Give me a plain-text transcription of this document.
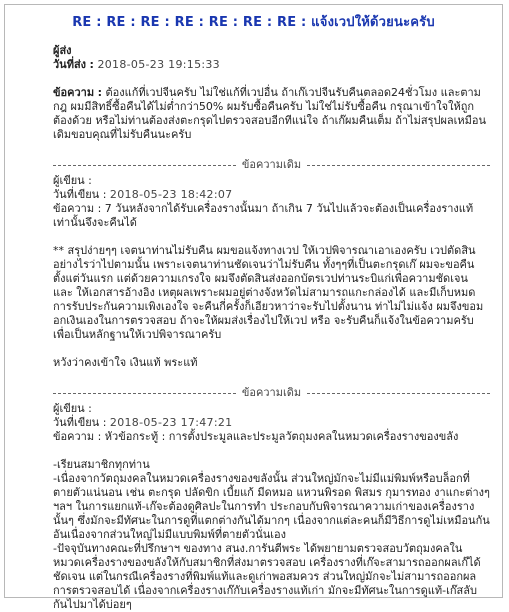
RE : RE : RE : RE : RE : RE : RE : แจ้งเวปให้ด้วยนะครับ
ผู้ส่ง
วันที่ส่ง : 2018-05-23 19:15:33

ข้อความ : ต้องแก้ที่เวปจีนครับ ไม่ใช่แก้ที่เวปอื่น ถ้าเก๊เวปจีนรับคืนตลอด24ชั่วโมง และตามกฎ ผมมีสิทธิ์ซื้อคืนได้ไม่ต่ำกว่า50% ผมรับซื้อคืนครับ ไม่ใช่ไม่รับซื้อคืน กรุณาเข้าใจให้ถูกต้องด้วย หรือไม่ท่านต้องส่งตะกรุดไปตรวจสอบอีกทีแน่ใจ ถ้าเก๊ผมคืนเต็ม ถ้าไม่สรุปผลเหมือนเดิมขอบคุณที่ไม่รับคืนนะครับ

ข้อความเดิม
ผู้เขียน :
วันที่เขียน : 2018-05-23 18:42:07

ข้อความ : 7 วันหลังจากได้รับเครื่องรางนั้นมา ถ้าเกิน 7 วันไปแล้วจะต้องเป็นเครื่องรางแท้ เท่านั้นจึงจะคืนได้

** สรุปง่ายๆๆ เจตนาท่านไม่รับคืน ผมขอแจ้งทางเวป ให้เวปพิจารณาเอาเองครับ เวปตัดสินอย่างไรว่าไปตามนั้น เพราะเจตนาท่านชัดเจนว่าไม่รับคืน ทั้งๆๆที่เป็นตะกรุดเก๊ ผมจะขอคืนตั้งแต่วันแรก แต่ด้วยความเกรงใจ ผมจึงตัดสินส่งออกบัตรเวปท่านระบิแก่เพื่อความชัดเจน และ ให้เอกสารอ้างอิง เหตุผลเพราะผมอยู่ต่างจังหวัดไม่สามารถแกะกล่องได้ และมีเก็บหมดการรับประกันความเพิงเองใจ จะคืนกี่ครั้งก็เอียวหาว่าจะรับไปตั้งนาน ท่าไม่ไม่แจ้ง ผมจึงขอมอกเงินเองในการตรวจสอบ ถ้าจะให้ผมส่งเรื่องไปให้เวป หรือ จะรับคืนก็แจ้งในข้อความครับ เพื่อเป็นหลักฐานให้เวปพิจารณาครับ

หวังว่าคงเข้าใจ เงินแท้ พระแท้

ข้อความเดิม
ผู้เขียน :
วันที่เขียน : 2018-05-23 17:47:21

ข้อความ : หัวข้อกระทู้ : การตั้งประมูลและประมูลวัตถุมงคลในหมวดเครื่องรางของขลัง

-เรียนสมาชิกทุกท่าน

-เนื่องจากวัตถุมงคลในหมวดเครื่องรางของขลังนั้น ส่วนใหญ่มักจะไม่มีแม่พิมพ์หรือบล็อกที่ตายตัวแน่นอน เช่น ตะกรุด ปลัดขิก เบี้ยแก้ มีดหมอ แหวนพิรอด พิสมร กุมารทอง งาแกะต่างๆ ฯลฯ ในการแยกแท้-เก๊จะต้องดูศิลปะในการทำ ประกอบกับพิจารณาความเก่าของเครื่องรางนั้นๆ ซึ่งมักจะมีทัศนะในการดูที่แตกต่างกันได้มากๆ เนื่องจากแต่ละคนก็มีวิธีการดูไม่เหมือนกัน อันเนื่องจากส่วนใหญ่ไม่มีแบบพิมพ์ที่ตายตัวนั่นเอง

-ปัจจุบันทางคณะที่ปรึกษาฯ ของทาง สนง.การันตีพระ ได้พยายามตรวจสอบวัตถุมงคลในหมวดเครื่องรางของขลังให้กับสมาชิกที่ส่งมาตรวจสอบ เครื่องรางที่เก๊จะสามารถออกผลเก๊ได้ชัดเจน แต่ในกรณีเครื่องรางที่พิมพ์แท้และดูเก่าพอสมควร ส่วนใหญ่มักจะไม่สามารถออกผลการตรวจสอบได้ เนื่องจากเครื่องรางเก๊กับเครื่องรางแท้เก่า มักจะมีทัศนะในการดูแท้-เก๊สลับกันไปมาได้บ่อยๆ
